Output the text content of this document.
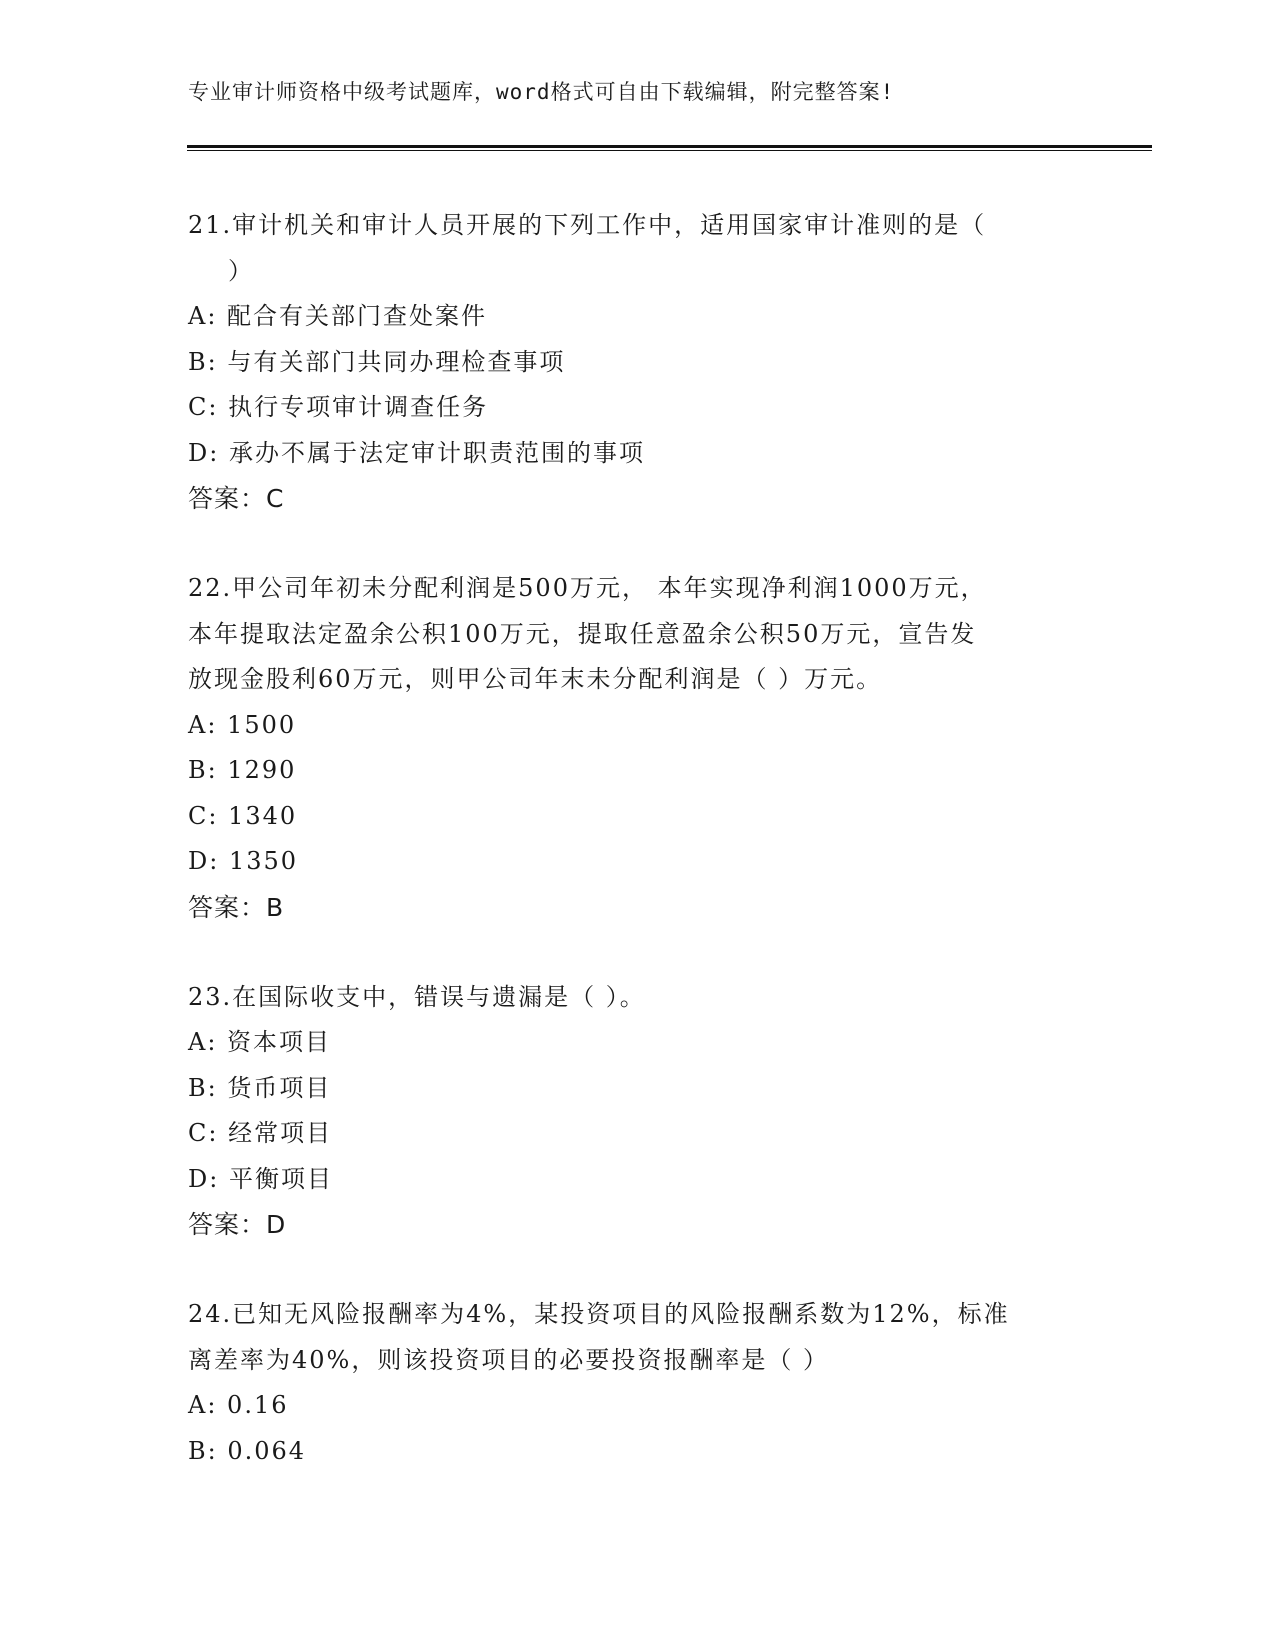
专业审计师资格中级考试题库，word格式可自由下载编辑，附完整答案!
21.审计机关和审计人员开展的下列工作中，适用国家审计准则的是（
）
A: 配合有关部门查处案件
B: 与有关部门共同办理检查事项
C: 执行专项审计调查任务
D: 承办不属于法定审计职责范围的事项
答案：C
22.甲公司年初未分配利润是500万元， 本年实现净利润1000万元，
本年提取法定盈余公积100万元，提取任意盈余公积50万元，宣告发
放现金股利60万元，则甲公司年末未分配利润是（ ）万元。
A: 1500
B: 1290
C: 1340
D: 1350
答案：B
23.在国际收支中，错误与遗漏是（ ）。
A: 资本项目
B: 货币项目
C: 经常项目
D: 平衡项目
答案：D
24.已知无风险报酬率为4%，某投资项目的风险报酬系数为12%，标准
离差率为40%，则该投资项目的必要投资报酬率是（ ）
A: 0.16
B: 0.064
